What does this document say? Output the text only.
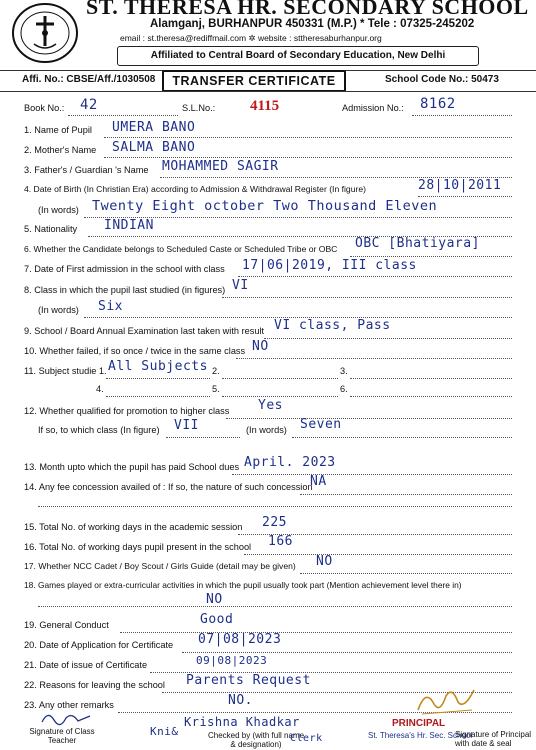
ST. THERESA HR. SECONDARY SCHOOL
Alamganj, BURHANPUR 450331 (M.P.) * Tele : 07325-245202
email : st.theresa@rediffmail.com ✲ website : sttheresaburhanpur.org
Affiliated to Central Board of Secondary Education, New Delhi
Affi. No.: CBSE/Aff./1030508	TRANSFER CERTIFICATE	School Code No.: 50473
Book No.: 42	S.L.No.: 4115	Admission No.: 8162
1. Name of Pupil UMERA BANO
2. Mother's Name SALMA BANO
3. Father's / Guardian 's Name MOHAMMED SAGIR
4. Date of Birth (In Christian Era) according to Admission & Withdrawal Register (In figure)	28|10|2011
(In words) Twenty Eight october Two Thousand Eleven
5. Nationality INDIAN
6. Whether the Candidate belongs to Scheduled Caste or Scheduled Tribe or OBC OBC [Bhatiyara]
7. Date of First admission in the school with class 17|06|2019, III class
8. Class in which the pupil last studied (in figures) VI
(In words) Six
9. School / Board Annual Examination last taken with result VI class, Pass
10. Whether failed, if so once / twice in the same class NO
11. Subject studie 1. All Subjects 2.	3.
4.	5.	6.
12. Whether qualified for promotion to higher class Yes
If so, to which class (In figure) VII	(In words) Seven
13. Month upto which the pupil has paid School dues April. 2023
14. Any fee concession availed of : If so, the nature of such concession
NA
15. Total No. of working days in the academic session 225
16. Total No. of working days pupil present in the school 166
17. Whether NCC Cadet / Boy Scout / Girls Guide (detail may be given) NO
18. Games played or extra-curricular activities in which the pupil usually took part (Mention achievement level there in)
NO
19. General Conduct	Good
20. Date of Application for Certificate 07|08|2023
21. Date of issue of Certificate	09|08|2023
22. Reasons for leaving the school Parents Request
23. Any other remarks	NO.
Signature of Class Teacher
Kni&
Krishna Khadkar
Checked by (with full name & designation)
Clerk
PRINCIPAL
St. Theresa's Hr. Sec. School
Signature of Principal with date & seal
